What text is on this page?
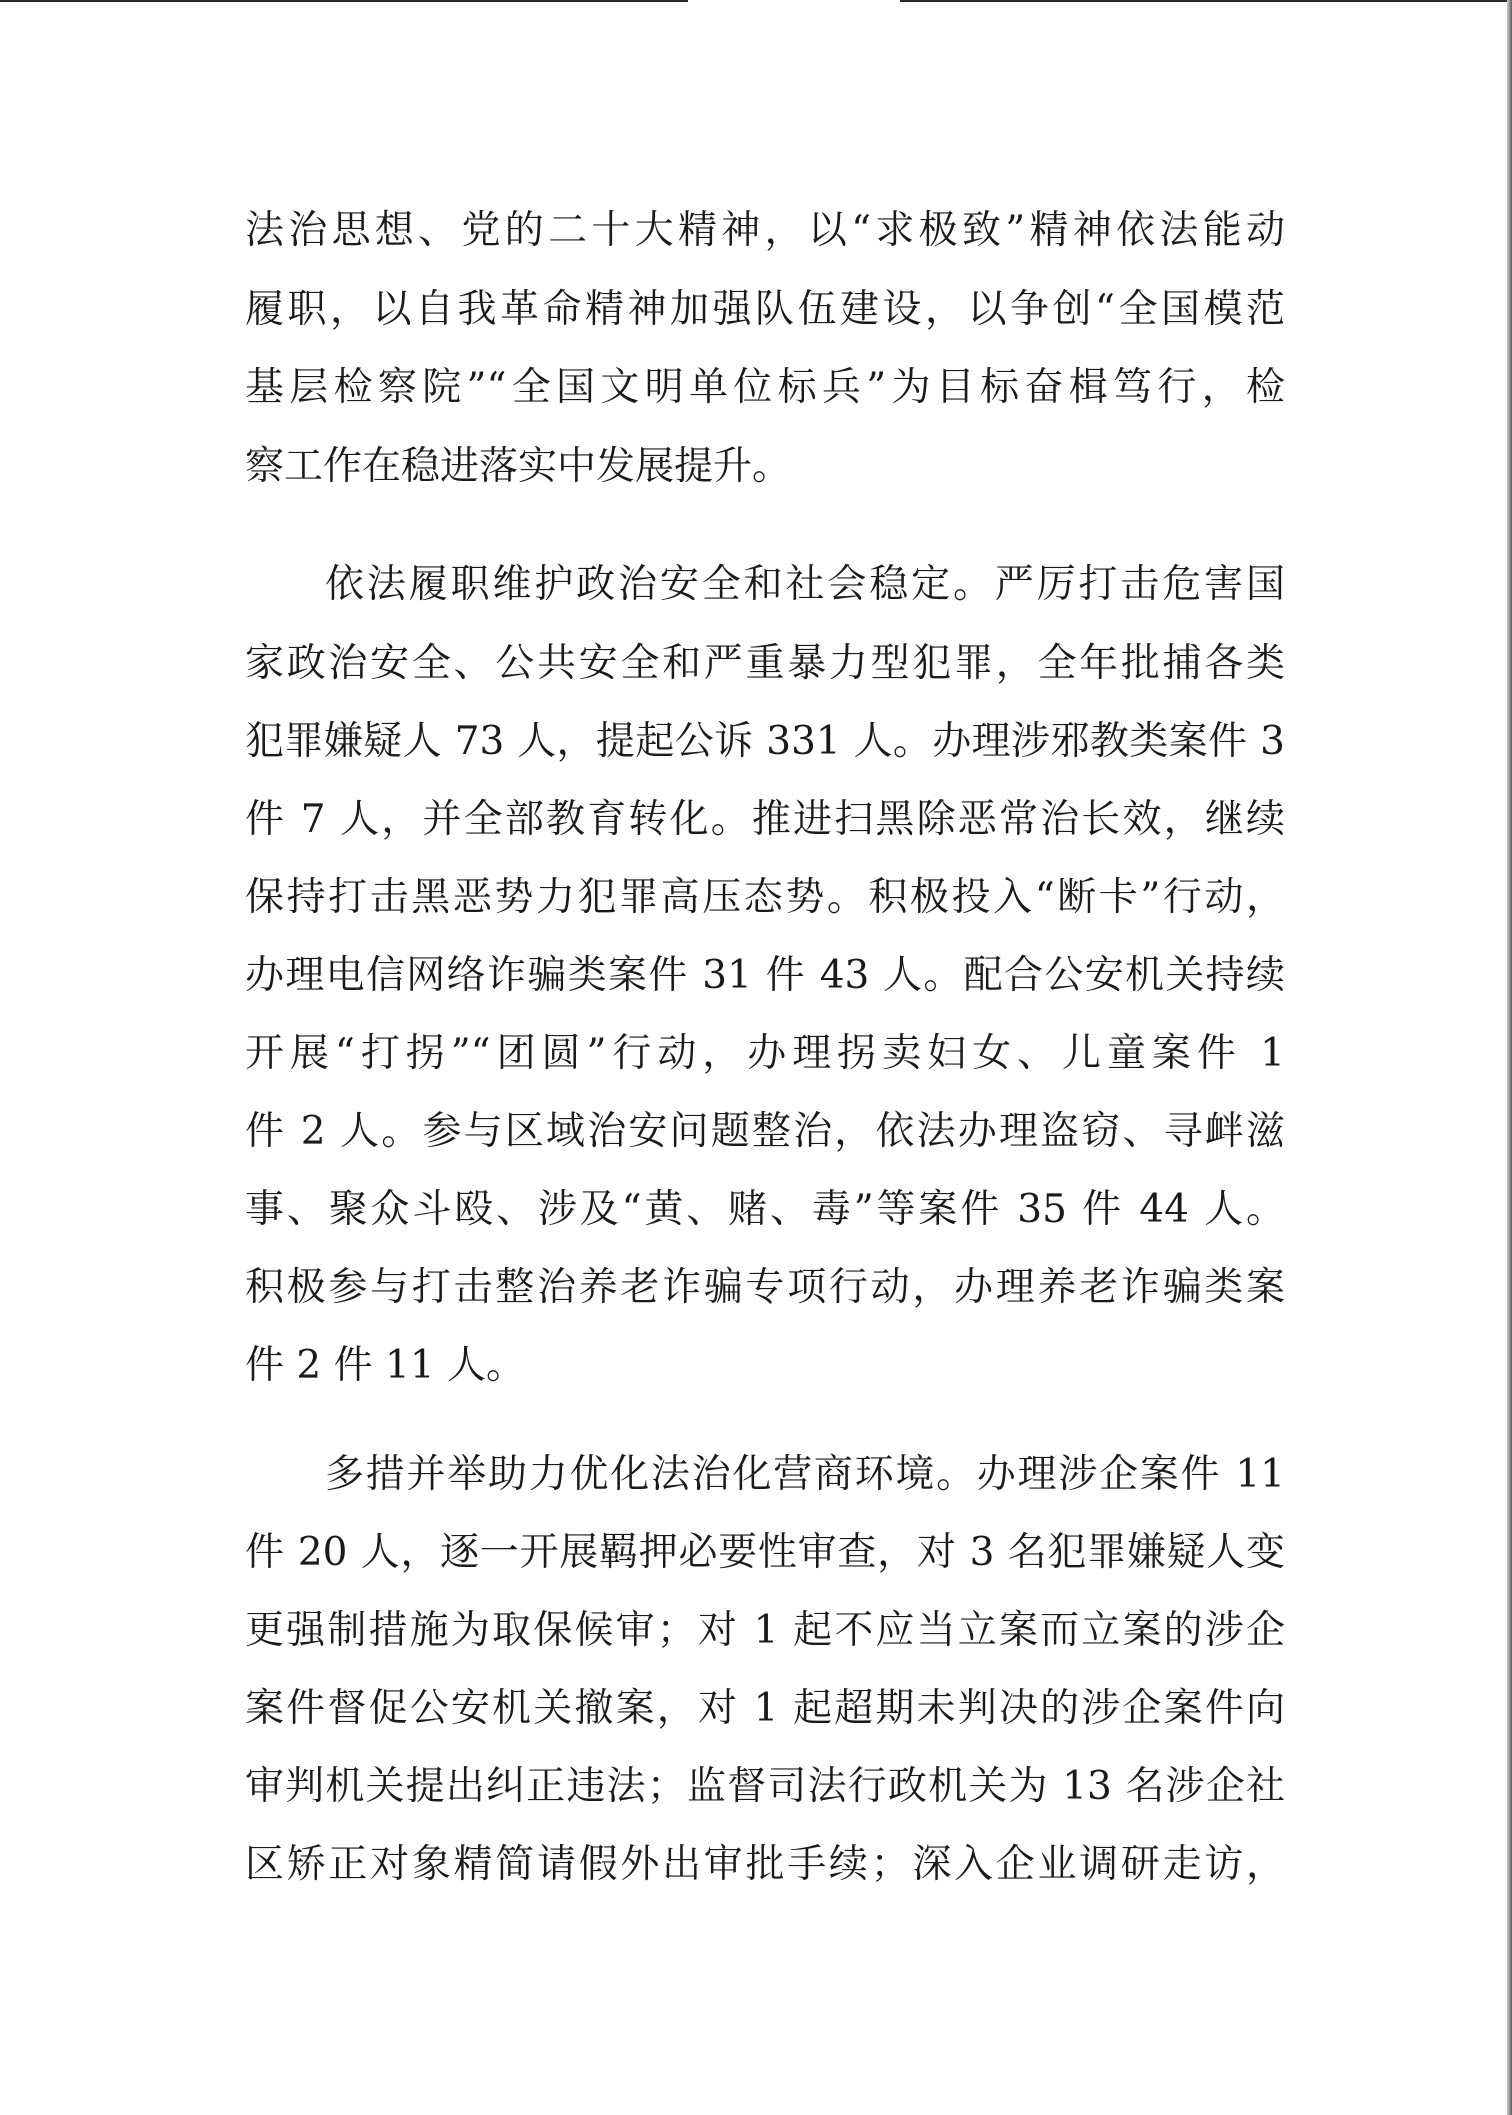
法治思想、党的二十大精神，以“求极致”精神依法能动
履职，以自我革命精神加强队伍建设，以争创“全国模范
基层检察院”“全国文明单位标兵”为目标奋楫笃行，检
察工作在稳进落实中发展提升。
依法履职维护政治安全和社会稳定。严厉打击危害国
家政治安全、公共安全和严重暴力型犯罪，全年批捕各类
犯罪嫌疑人 73 人，提起公诉 331 人。办理涉邪教类案件 3
件 7 人，并全部教育转化。推进扫黑除恶常治长效，继续
保持打击黑恶势力犯罪高压态势。积极投入“断卡”行动，
办理电信网络诈骗类案件 31 件 43 人。配合公安机关持续
开展“打拐”“团圆”行动，办理拐卖妇女、儿童案件 1
件 2 人。参与区域治安问题整治，依法办理盗窃、寻衅滋
事、聚众斗殴、涉及“黄、赌、毒”等案件 35 件 44 人。
积极参与打击整治养老诈骗专项行动，办理养老诈骗类案
件 2 件 11 人。
多措并举助力优化法治化营商环境。办理涉企案件 11
件 20 人，逐一开展羁押必要性审查，对 3 名犯罪嫌疑人变
更强制措施为取保候审；对 1 起不应当立案而立案的涉企
案件督促公安机关撤案，对 1 起超期未判决的涉企案件向
审判机关提出纠正违法；监督司法行政机关为 13 名涉企社
区矫正对象精简请假外出审批手续；深入企业调研走访，
